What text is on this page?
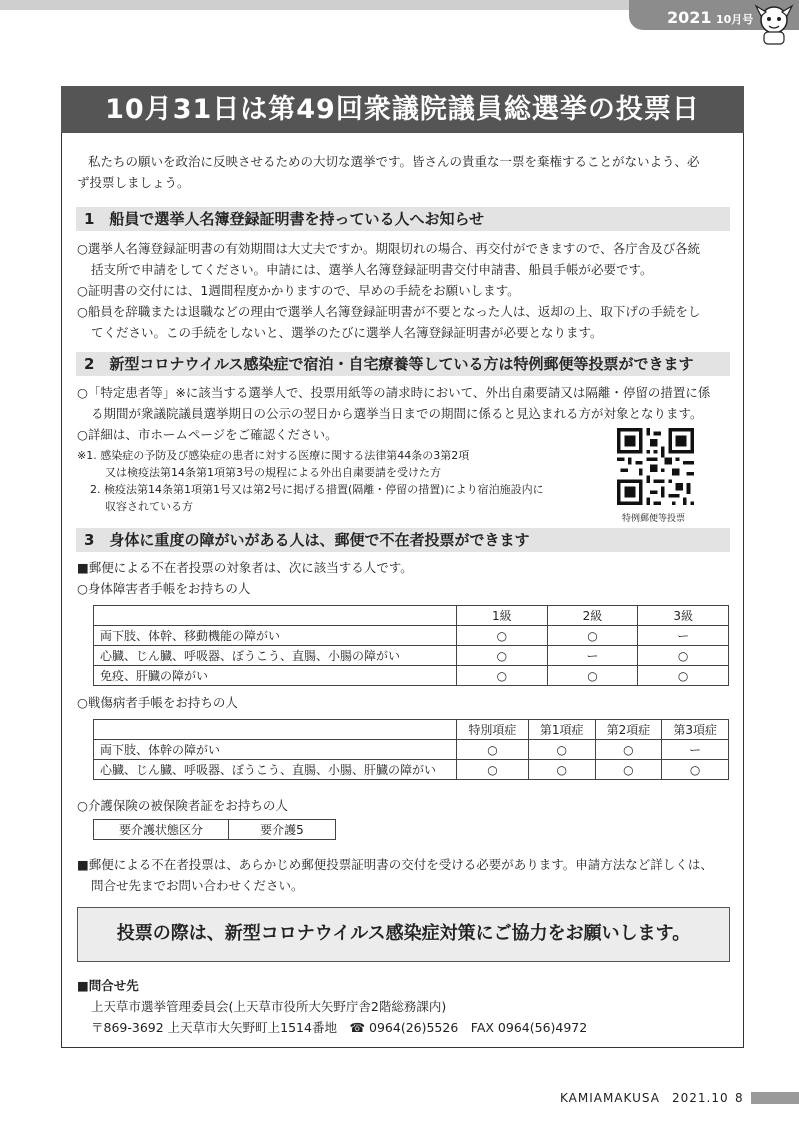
2021 10月号
10月31日は第49回衆議院議員総選挙の投票日
私たちの願いを政治に反映させるための大切な選挙です。皆さんの貴重な一票を棄権することがないよう、必
ず投票しましょう。
1　船員で選挙人名簿登録証明書を持っている人へお知らせ
○選挙人名簿登録証明書の有効期間は大丈夫ですか。期限切れの場合、再交付ができますので、各庁舎及び各統
括支所で申請をしてください。申請には、選挙人名簿登録証明書交付申請書、船員手帳が必要です。
○証明書の交付には、1週間程度かかりますので、早めの手続をお願いします。
○船員を辞職または退職などの理由で選挙人名簿登録証明書が不要となった人は、返却の上、取下げの手続をし
てください。この手続をしないと、選挙のたびに選挙人名簿登録証明書が必要となります。
2　新型コロナウイルス感染症で宿泊・自宅療養等している方は特例郵便等投票ができます
○「特定患者等」※に該当する選挙人で、投票用紙等の請求時において、外出自粛要請又は隔離・停留の措置に係
る期間が衆議院議員選挙期日の公示の翌日から選挙当日までの期間に係ると見込まれる方が対象となります。
○詳細は、市ホームページをご確認ください。
※1. 感染症の予防及び感染症の患者に対する医療に関する法律第44条の3第2項
又は検疫法第14条第1項第3号の規程による外出自粛要請を受けた方
2. 検疫法第14条第1項第1号又は第2号に掲げる措置(隔離・停留の措置)により宿泊施設内に
収容されている方
特例郵便等投票
3　身体に重度の障がいがある人は、郵便で不在者投票ができます
■郵便による不在者投票の対象者は、次に該当する人です。
○身体障害者手帳をお持ちの人
	1級	2級	3級
両下肢、体幹、移動機能の障がい	○	○	ー
心臓、じん臓、呼吸器、ぼうこう、直腸、小腸の障がい	○	ー	○
免疫、肝臓の障がい	○	○	○
○戦傷病者手帳をお持ちの人
	特別項症	第1項症	第2項症	第3項症
両下肢、体幹の障がい	○	○	○	ー
心臓、じん臓、呼吸器、ぼうこう、直腸、小腸、肝臓の障がい	○	○	○	○
○介護保険の被保険者証をお持ちの人
要介護状態区分	要介護5
■郵便による不在者投票は、あらかじめ郵便投票証明書の交付を受ける必要があります。申請方法など詳しくは、
問合せ先までお問い合わせください。
投票の際は、新型コロナウイルス感染症対策にご協力をお願いします。
■問合せ先
上天草市選挙管理委員会(上天草市役所大矢野庁舎2階総務課内)
〒869-3692 上天草市大矢野町上1514番地　☎ 0964(26)5526　FAX 0964(56)4972
KAMIAMAKUSA 2021.10 8
